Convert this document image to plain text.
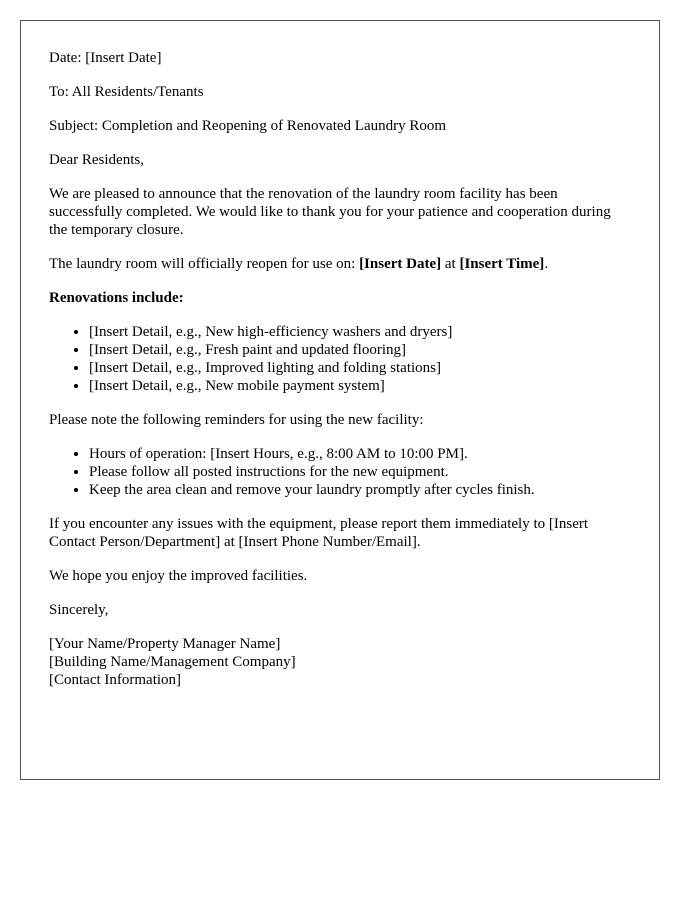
Date: [Insert Date]

To: All Residents/Tenants

Subject: Completion and Reopening of Renovated Laundry Room

Dear Residents,

We are pleased to announce that the renovation of the laundry room facility has been successfully completed. We would like to thank you for your patience and cooperation during the temporary closure.

The laundry room will officially reopen for use on: [Insert Date] at [Insert Time].

Renovations include:

• [Insert Detail, e.g., New high-efficiency washers and dryers]
• [Insert Detail, e.g., Fresh paint and updated flooring]
• [Insert Detail, e.g., Improved lighting and folding stations]
• [Insert Detail, e.g., New mobile payment system]

Please note the following reminders for using the new facility:

• Hours of operation: [Insert Hours, e.g., 8:00 AM to 10:00 PM].
• Please follow all posted instructions for the new equipment.
• Keep the area clean and remove your laundry promptly after cycles finish.

If you encounter any issues with the equipment, please report them immediately to [Insert Contact Person/Department] at [Insert Phone Number/Email].

We hope you enjoy the improved facilities.

Sincerely,

[Your Name/Property Manager Name]
[Building Name/Management Company]
[Contact Information]
